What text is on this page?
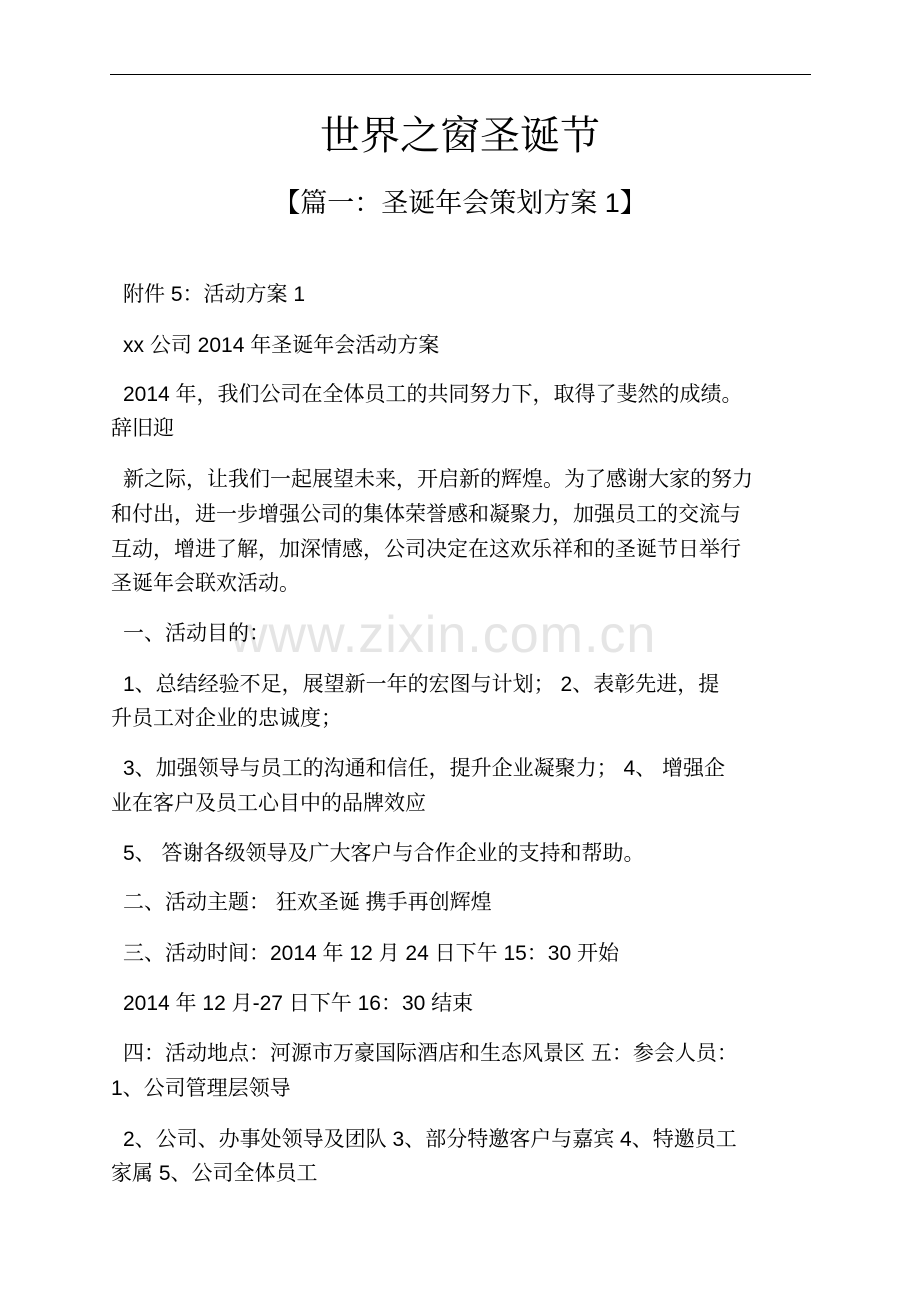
www.zixin.com.cn
世界之窗圣诞节
【篇一：圣诞年会策划方案 1】
附件 5：活动方案 1
xx 公司 2014 年圣诞年会活动方案
2014 年，我们公司在全体员工的共同努力下，取得了斐然的成绩。
辞旧迎
新之际，让我们一起展望未来，开启新的辉煌。为了感谢大家的努力
和付出，进一步增强公司的集体荣誉感和凝聚力，加强员工的交流与
互动，增进了解，加深情感，公司决定在这欢乐祥和的圣诞节日举行
圣诞年会联欢活动。
一、活动目的：
1、总结经验不足，展望新一年的宏图与计划； 2、表彰先进，提
升员工对企业的忠诚度；
3、加强领导与员工的沟通和信任，提升企业凝聚力； 4、 增强企
业在客户及员工心目中的品牌效应
5、 答谢各级领导及广大客户与合作企业的支持和帮助。
二、活动主题： 狂欢圣诞 携手再创辉煌
三、活动时间：2014 年 12 月 24 日下午 15：30 开始
2014 年 12 月-27 日下午 16：30 结束
四：活动地点：河源市万豪国际酒店和生态风景区 五：参会人员：
1、公司管理层领导
2、公司、办事处领导及团队 3、部分特邀客户与嘉宾 4、特邀员工
家属 5、公司全体员工
